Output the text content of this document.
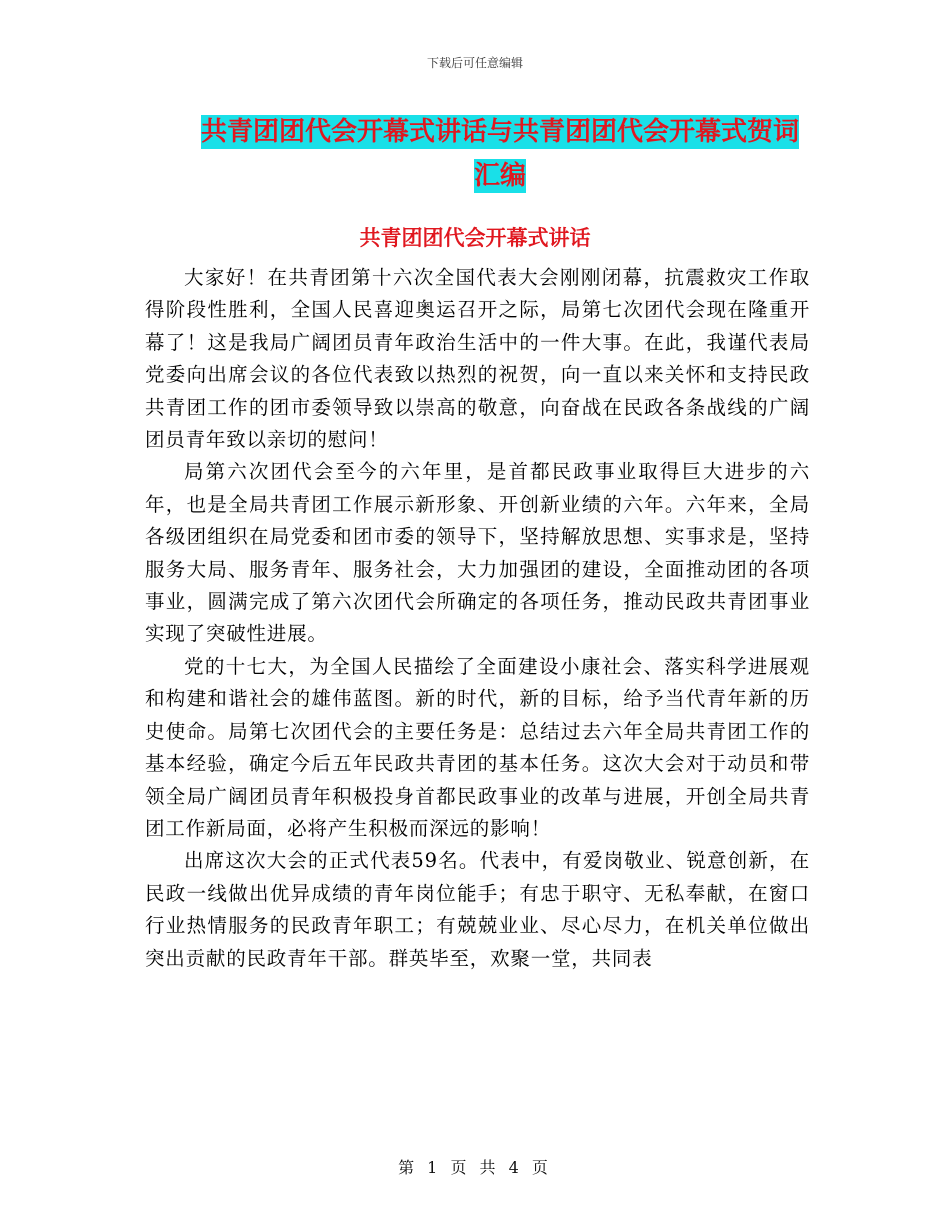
下载后可任意编辑
共青团团代会开幕式讲话与共青团团代会开幕式贺词
汇编
共青团团代会开幕式讲话

大家好！在共青团第十六次全国代表大会刚刚闭幕，抗震救灾工作取得阶段性胜利，全国人民喜迎奥运召开之际，局第七次团代会现在隆重开幕了！这是我局广阔团员青年政治生活中的一件大事。在此，我谨代表局党委向出席会议的各位代表致以热烈的祝贺，向一直以来关怀和支持民政共青团工作的团市委领导致以崇高的敬意，向奋战在民政各条战线的广阔团员青年致以亲切的慰问！

局第六次团代会至今的六年里，是首都民政事业取得巨大进步的六年，也是全局共青团工作展示新形象、开创新业绩的六年。六年来，全局各级团组织在局党委和团市委的领导下，坚持解放思想、实事求是，坚持服务大局、服务青年、服务社会，大力加强团的建设，全面推动团的各项事业，圆满完成了第六次团代会所确定的各项任务，推动民政共青团事业实现了突破性进展。

党的十七大，为全国人民描绘了全面建设小康社会、落实科学进展观和构建和谐社会的雄伟蓝图。新的时代，新的目标，给予当代青年新的历史使命。局第七次团代会的主要任务是：总结过去六年全局共青团工作的基本经验，确定今后五年民政共青团的基本任务。这次大会对于动员和带领全局广阔团员青年积极投身首都民政事业的改革与进展，开创全局共青团工作新局面，必将产生积极而深远的影响！

出席这次大会的正式代表59名。代表中，有爱岗敬业、锐意创新，在民政一线做出优异成绩的青年岗位能手；有忠于职守、无私奉献，在窗口行业热情服务的民政青年职工；有兢兢业业、尽心尽力，在机关单位做出突出贡献的民政青年干部。群英毕至，欢聚一堂，共同表

第 1 页 共 4 页
